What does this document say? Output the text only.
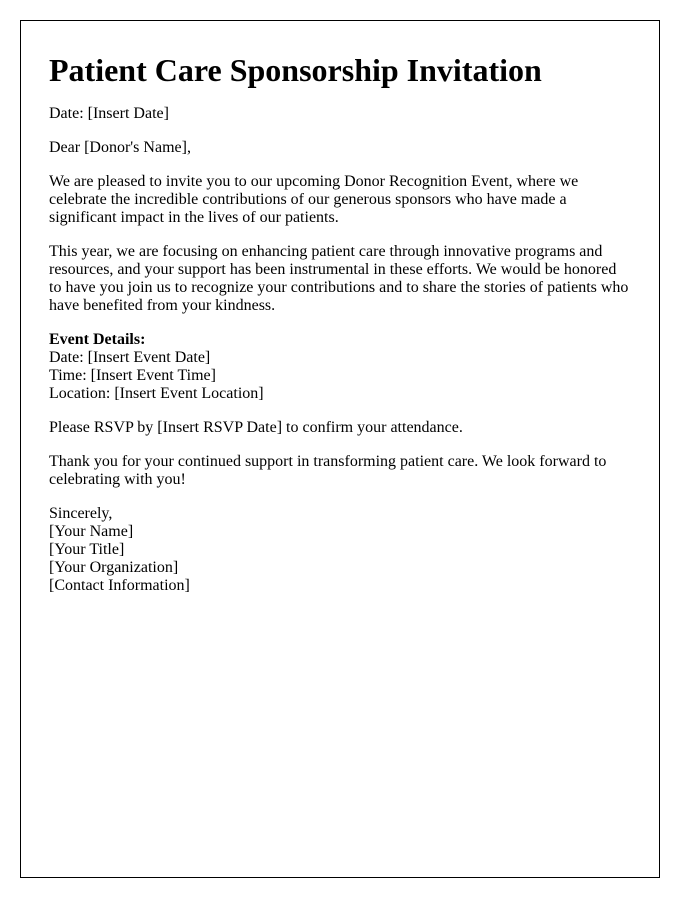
Patient Care Sponsorship Invitation

Date: [Insert Date]

Dear [Donor's Name],

We are pleased to invite you to our upcoming Donor Recognition Event, where we celebrate the incredible contributions of our generous sponsors who have made a significant impact in the lives of our patients.

This year, we are focusing on enhancing patient care through innovative programs and resources, and your support has been instrumental in these efforts. We would be honored to have you join us to recognize your contributions and to share the stories of patients who have benefited from your kindness.

Event Details:
Date: [Insert Event Date]
Time: [Insert Event Time]
Location: [Insert Event Location]

Please RSVP by [Insert RSVP Date] to confirm your attendance.

Thank you for your continued support in transforming patient care. We look forward to celebrating with you!

Sincerely,
[Your Name]
[Your Title]
[Your Organization]
[Contact Information]
